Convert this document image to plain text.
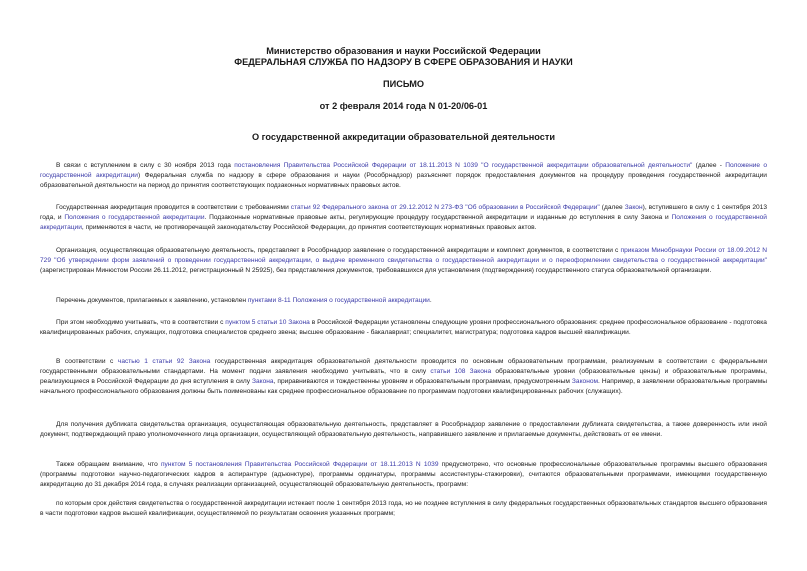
Министерство образования и науки Российской Федерации
ФЕДЕРАЛЬНАЯ СЛУЖБА ПО НАДЗОРУ В СФЕРЕ ОБРАЗОВАНИЯ И НАУКИ
ПИСЬМО
от 2 февраля 2014 года N 01-20/06-01
О государственной аккредитации образовательной деятельности

В связи с вступлением в силу с 30 ноября 2013 года постановления Правительства Российской Федерации от 18.11.2013 N 1039 "О государственной аккредитации образовательной деятельности" (далее - Положение о государственной аккредитации) Федеральная служба по надзору в сфере образования и науки (Рособрнадзор) разъясняет порядок предоставления документов на процедуру проведения государственной аккредитации образовательной деятельности на период до принятия соответствующих подзаконных нормативных правовых актов.

Государственная аккредитация проводится в соответствии с требованиями статьи 92 Федерального закона от 29.12.2012 N 273-ФЗ "Об образовании в Российской Федерации" (далее Закон), вступившего в силу с 1 сентября 2013 года, и Положения о государственной аккредитации. Подзаконные нормативные правовые акты, регулирующие процедуру государственной аккредитации и изданные до вступления в силу Закона и Положения о государственной аккредитации, применяются в части, не противоречащей законодательству Российской Федерации, до принятия соответствующих нормативных правовых актов.

Организация, осуществляющая образовательную деятельность, представляет в Рособрнадзор заявление о государственной аккредитации и комплект документов, в соответствии с приказом Минобрнауки России от 18.09.2012 N 729 "Об утверждении форм заявлений о проведении государственной аккредитации, о выдаче временного свидетельства о государственной аккредитации и о переоформлении свидетельства о государственной аккредитации" (зарегистрирован Минюстом России 26.11.2012, регистрационный N 25925), без представления документов, требовавшихся для установления (подтверждения) государственного статуса образовательной организации.

Перечень документов, прилагаемых к заявлению, установлен пунктами 8-11 Положения о государственной аккредитации.

При этом необходимо учитывать, что в соответствии с пунктом 5 статьи 10 Закона в Российской Федерации установлены следующие уровни профессионального образования: среднее профессиональное образование - подготовка квалифицированных рабочих, служащих, подготовка специалистов среднего звена; высшее образование - бакалавриат; специалитет, магистратура; подготовка кадров высшей квалификации.

В соответствии с частью 1 статьи 92 Закона государственная аккредитация образовательной деятельности проводится по основным образовательным программам, реализуемым в соответствии с федеральными государственными образовательными стандартами. На момент подачи заявления необходимо учитывать, что в силу статьи 108 Закона образовательные уровни (образовательные цензы) и образовательные программы, реализующиеся в Российской Федерации до дня вступления в силу Закона, приравниваются и тождественны уровням и образовательным программам, предусмотренным Законом. Например, в заявлении образовательные программы начального профессионального образования должны быть поименованы как среднее профессиональное образование по программам подготовки квалифицированных рабочих (служащих).

Для получения дубликата свидетельства организация, осуществляющая образовательную деятельность, представляет в Рособрнадзор заявление о предоставлении дубликата свидетельства, а также доверенность или иной документ, подтверждающий право уполномоченного лица организации, осуществляющей образовательную деятельность, направившего заявление и прилагаемые документы, действовать от ее имени.

Также обращаем внимание, что пунктом 5 постановления Правительства Российской Федерации от 18.11.2013 N 1039 предусмотрено, что основные профессиональные образовательные программы высшего образования (программы подготовки научно-педагогических кадров в аспирантуре (адъюнктуре), программы ординатуры, программы ассистентуры-стажировки), считаются образовательными программами, имеющими государственную аккредитацию до 31 декабря 2014 года, в случаях реализации организацией, осуществляющей образовательную деятельность, программ:

по которым срок действия свидетельства о государственной аккредитации истекает после 1 сентября 2013 года, но не позднее вступления в силу федеральных государственных образовательных стандартов высшего образования в части подготовки кадров высшей квалификации, осуществляемой по результатам освоения указанных программ;
